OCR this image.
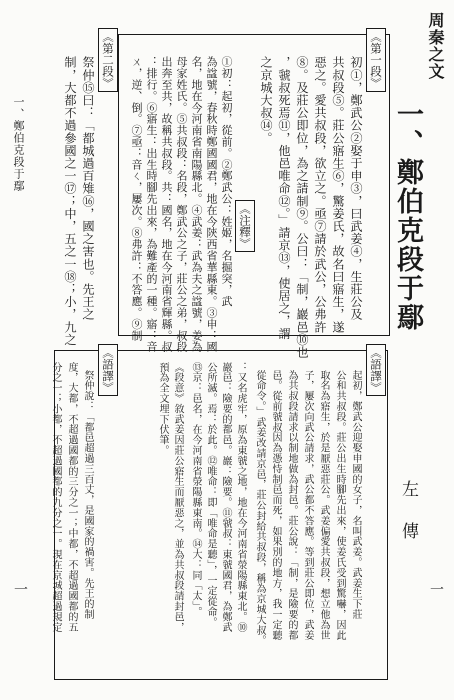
周秦之文
一、鄭伯克段于鄢
左　傳
一
《第一段》
《注釋》
《第二段》	初①，鄭武公②娶于申③，曰武姜④，生莊公及
共叔段⑤。莊公寤生⑥，驚姜氏，故名曰寤生，遂
惡之。愛共叔段，欲立之。亟⑦請於武公，公弗許
⑧。及莊公即位，為之請制⑨。公曰：「制，巖邑⑩也
，虢叔死焉⑪，他邑唯命⑫。」請京⑬，使居之，謂
之京城大叔⑭。
①初：起初，從前。②鄭武公：姓姬，名掘突，武
為諡號，春秋時鄭國國君，地在今陝西省華縣東。③申：國
名，地在今河南省南陽縣北。④武姜：武為夫之諡號，姜為
母家姓氏。⑤共叔段：名段，鄭武公之子，莊公之弟，叔段
出奔至共，故稱共叔段。共：國名，地在今河南省輝縣。叔
：排行。⑥寤生：出生時腳先出來，為難產的一種。寤：音
ㄨ，逆、倒。⑦亟：音ㄑ，屢次。⑧弗許：不答應。⑨制
祭仲⑮曰：「都城過百雉⑯，國之害也。先王之
制，大都不過參國之一⑰；中，五之一⑱；小，九之
《語譯》
《語譯》	起初，鄭武公迎娶申國的女子，名叫武姜。武姜生下莊
公和共叔段。莊公出生時腳先出來，使姜氏受到驚嚇，因此
取名為寤生，於是厭惡莊公。武姜偏愛共叔段，想立他為世
子，屢次向武公請求，武公都不答應。等到莊公即位，武姜
為共叔段請求以制地做為封邑。莊公說：「制，是險要的都
邑。從前虢叔因為憑恃制邑而死，如果別的地方，我一定聽
從命令。」武姜改請京邑，莊公封給共叔段，稱為京城大叔。
：又名虎牢，原為東虢之地，地在今河南省滎陽縣東北。⑩
巖邑：險要的都邑。巖：險要。⑪虢叔：東虢國君，為鄭武
公所滅。焉：於此。⑫唯命：即「唯命是聽」，一定從命。
⑬京：邑名，在今河南省滎陽縣東南。⑭大：同「太」。
《段意》敘武姜因莊公寤生而厭惡之，並為共叔段請封邑，
預為全文埋下伏筆。
祭仲說：「都邑超過三百丈，是國家的禍害。先王的制
度，大都，不超過國都的三分之一；中都，不超過國都的五
分之一；小都，不超過國都的九分之一。現在京城超過規定
一、鄭伯克段于鄢
一
